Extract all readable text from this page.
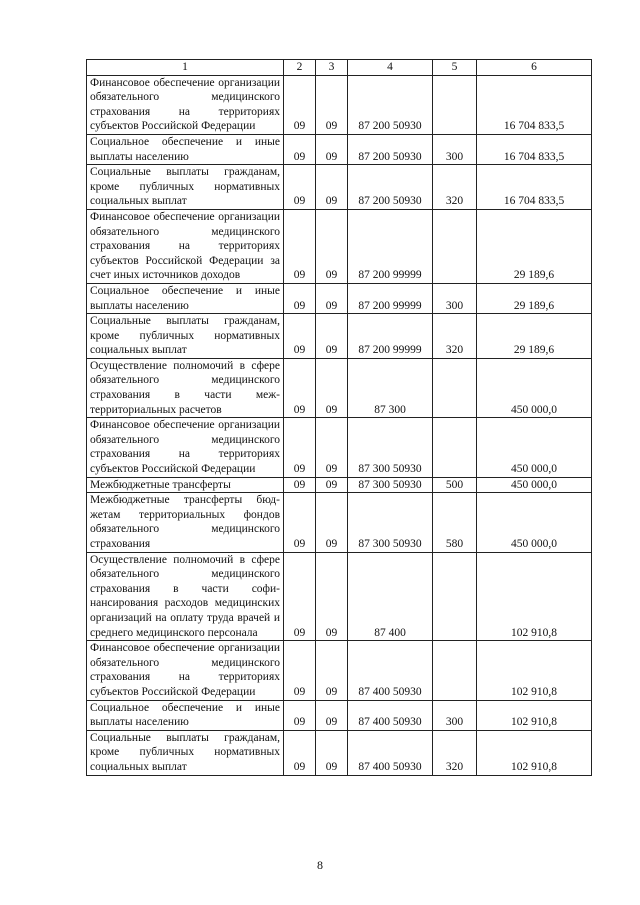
1	2	3	4	5	6
Финансовое обеспечение организации обязательного медицинского страхования на территориях субъектов Российской Федерации	09	09	87 200 50930		16 704 833,5
Социальное обеспечение и иные выплаты населению	09	09	87 200 50930	300	16 704 833,5
Социальные выплаты гражданам, кроме публичных нормативных социальных выплат	09	09	87 200 50930	320	16 704 833,5
Финансовое обеспечение организации обязательного медицинского страхования на территориях субъектов Российской Федерации за счет иных источников доходов	09	09	87 200 99999		29 189,6
Социальное обеспечение и иные выплаты населению	09	09	87 200 99999	300	29 189,6
Социальные выплаты гражданам, кроме публичных нормативных социальных выплат	09	09	87 200 99999	320	29 189,6
Осуществление полномочий в сфере обязательного медицинского страхования в части межтерриториальных расчетов	09	09	87 300		450 000,0
Финансовое обеспечение организации обязательного медицинского страхования на территориях субъектов Российской Федерации	09	09	87 300 50930		450 000,0
Межбюджетные трансферты	09	09	87 300 50930	500	450 000,0
Межбюджетные трансферты бюджетам территориальных фондов обязательного медицинского страхования	09	09	87 300 50930	580	450 000,0
Осуществление полномочий в сфере обязательного медицинского страхования в части софинансирования расходов медицинских организаций на оплату труда врачей и среднего медицинского персонала	09	09	87 400		102 910,8
Финансовое обеспечение организации обязательного медицинского страхования на территориях субъектов Российской Федерации	09	09	87 400 50930		102 910,8
Социальное обеспечение и иные выплаты населению	09	09	87 400 50930	300	102 910,8
Социальные выплаты гражданам, кроме публичных нормативных социальных выплат	09	09	87 400 50930	320	102 910,8
8
